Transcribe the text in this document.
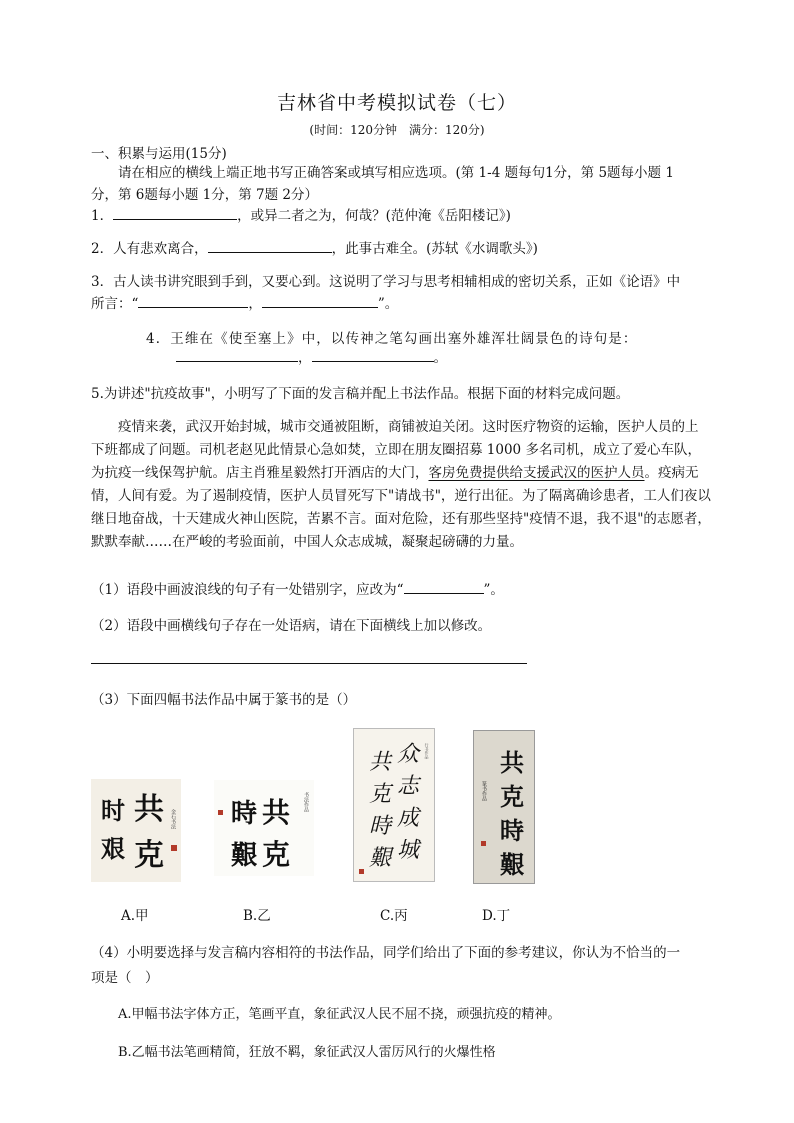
吉林省中考模拟试卷（七）
(时间：120分钟　满分：120分)
一、积累与运用(15分)
请在相应的横线上端正地书写正确答案或填写相应选项。(第 1-4 题每句1分，第 5题每小题 1
分，第 6题每小题 1分，第 7题 2分）
1．	，或异二者之为，何哉？(范仲淹《岳阳楼记》)
2．人有悲欢离合，	，此事古难全。(苏轼《水调歌头》)
3．古人读书讲究眼到手到，又要心到。这说明了学习与思考相辅相成的密切关系，正如《论语》中
所言：“	，	”。
4．王维在《使至塞上》中，以传神之笔勾画出塞外雄浑壮阔景色的诗句是：
，	。
5.为讲述"抗疫故事"，小明写了下面的发言稿并配上书法作品。根据下面的材料完成问题。
疫情来袭，武汉开始封城，城市交通被阻断，商铺被迫关闭。这时医疗物资的运输，医护人员的上下班都成了问题。司机老赵见此情景心急如焚，立即在朋友圈招募 1000 多名司机，成立了爱心车队，为抗疫一线保驾护航。店主肖雅星毅然打开酒店的大门，客房免费提供给支援武汉的医护人员。疫病无情，人间有爱。为了遏制疫情，医护人员冒死写下"请战书"，逆行出征。为了隔离确诊患者，工人们夜以继日地奋战，十天建成火神山医院，苦累不言。面对危险，还有那些坚持"疫情不退，我不退"的志愿者，默默奉献……在严峻的考验面前，中国人众志成城，凝聚起磅礴的力量。
（1）语段中画波浪线的句子有一处错别字，应改为“	”。
（2）语段中画横线句子存在一处语病，请在下面横线上加以修改。
（3）下面四幅书法作品中属于篆书的是（）
共
克
时
艰
金石书法	共
克
時
艱
书法作品
众
志
成
城
共
克
時
艱
行书作品	共
克
時
艱
篆书作品
A.甲	B.乙	C.丙	D.丁
（4）小明要选择与发言稿内容相符的书法作品，同学们给出了下面的参考建议，你认为不恰当的一
项是（　）
A.甲幅书法字体方正，笔画平直，象征武汉人民不屈不挠，顽强抗疫的精神。
B.乙幅书法笔画精简，狂放不羁，象征武汉人雷厉风行的火爆性格
